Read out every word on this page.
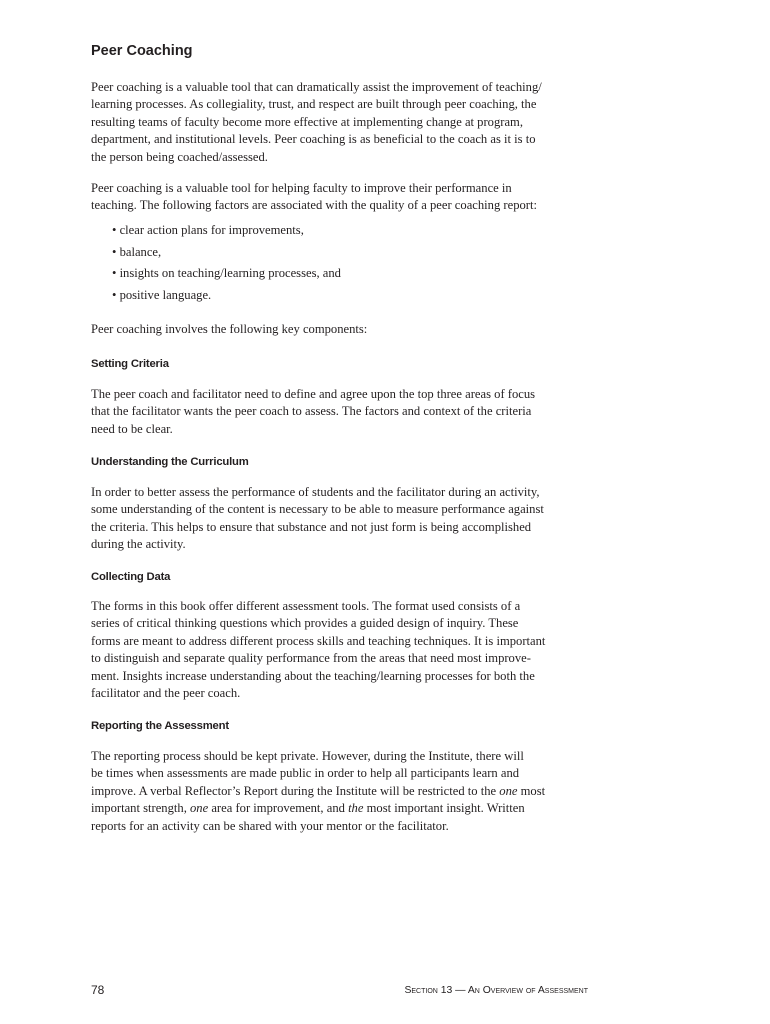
Peer Coaching

Peer coaching is a valuable tool that can dramatically assist the improvement of teaching/
learning processes. As collegiality, trust, and respect are built through peer coaching, the
resulting teams of faculty become more effective at implementing change at program,
department, and institutional levels. Peer coaching is as beneficial to the coach as it is to
the person being coached/assessed.

Peer coaching is a valuable tool for helping faculty to improve their performance in
teaching. The following factors are associated with the quality of a peer coaching report:

• clear action plans for improvements,
• balance,
• insights on teaching/learning processes, and
• positive language.

Peer coaching involves the following key components:

Setting Criteria

The peer coach and facilitator need to define and agree upon the top three areas of focus
that the facilitator wants the peer coach to assess. The factors and context of the criteria
need to be clear.

Understanding the Curriculum

In order to better assess the performance of students and the facilitator during an activity,
some understanding of the content is necessary to be able to measure performance against
the criteria. This helps to ensure that substance and not just form is being accomplished
during the activity.

Collecting Data

The forms in this book offer different assessment tools. The format used consists of a
series of critical thinking questions which provides a guided design of inquiry. These
forms are meant to address different process skills and teaching techniques. It is important
to distinguish and separate quality performance from the areas that need most improve-
ment. Insights increase understanding about the teaching/learning processes for both the
facilitator and the peer coach.

Reporting the Assessment

The reporting process should be kept private. However, during the Institute, there will
be times when assessments are made public in order to help all participants learn and
improve. A verbal Reflector’s Report during the Institute will be restricted to the one most
important strength, one area for improvement, and the most important insight. Written
reports for an activity can be shared with your mentor or the facilitator.

78	Section 13 — An Overview of Assessment
